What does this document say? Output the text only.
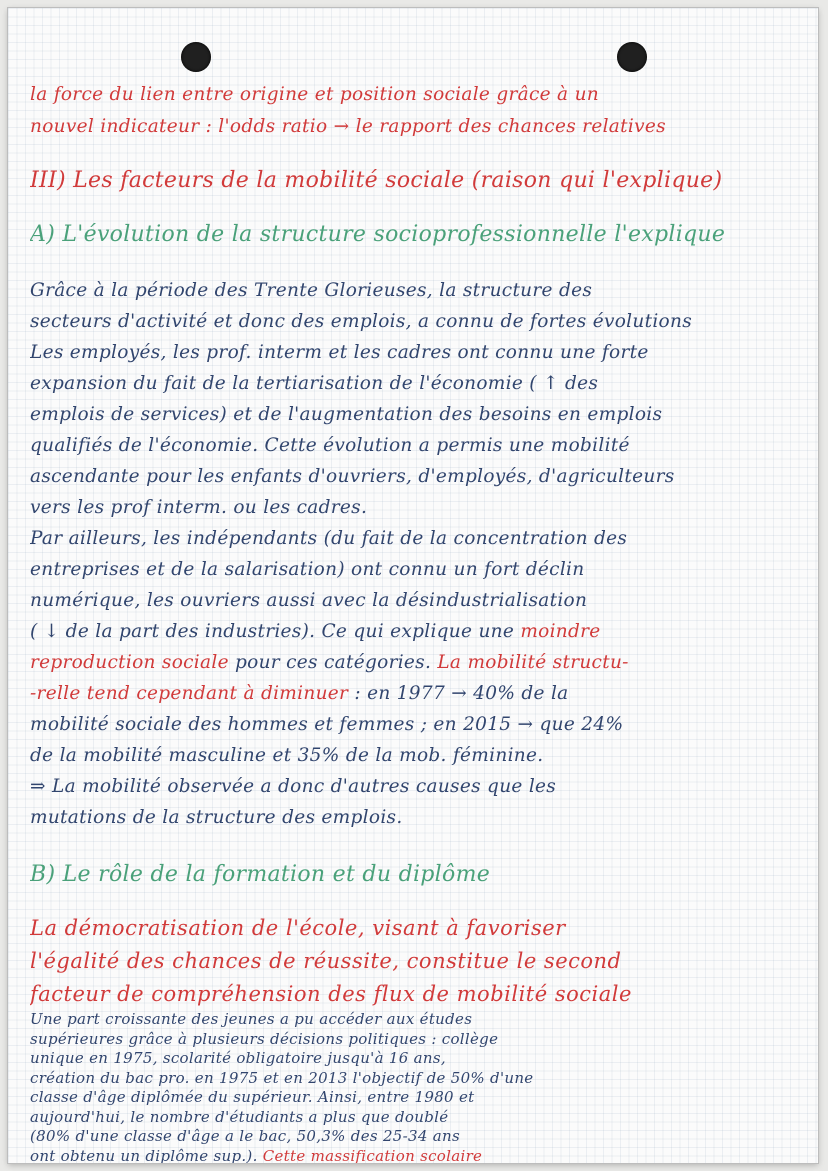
la force du lien entre origine et position sociale grâce à un
nouvel indicateur : l'odds ratio → le rapport des chances relatives
III) Les facteurs de la mobilité sociale (raison qui l'explique)
A) L'évolution de la structure socioprofessionnelle l'explique
Grâce à la période des Trente Glorieuses, la structure des
secteurs d'activité et donc des emplois, a connu de fortes évolutions
Les employés, les prof. interm et les cadres ont connu une forte
expansion du fait de la tertiarisation de l'économie ( ↑ des
emplois de services) et de l'augmentation des besoins en emplois
qualifiés de l'économie. Cette évolution a permis une mobilité
ascendante pour les enfants d'ouvriers, d'employés, d'agriculteurs
vers les prof interm. ou les cadres.
Par ailleurs, les indépendants (du fait de la concentration des
entreprises et de la salarisation) ont connu un fort déclin
numérique, les ouvriers aussi avec la désindustrialisation
( ↓ de la part des industries). Ce qui explique une moindre
reproduction sociale pour ces catégories. La mobilité structu-
-relle tend cependant à diminuer : en 1977 → 40% de la
mobilité sociale des hommes et femmes ; en 2015 → que 24%
de la mobilité masculine et 35% de la mob. féminine.
⇒ La mobilité observée a donc d'autres causes que les
mutations de la structure des emplois.
B) Le rôle de la formation et du diplôme
La démocratisation de l'école, visant à favoriser
l'égalité des chances de réussite, constitue le second
facteur de compréhension des flux de mobilité sociale
Une part croissante des jeunes a pu accéder aux études
supérieures grâce à plusieurs décisions politiques : collège
unique en 1975, scolarité obligatoire jusqu'à 16 ans,
création du bac pro. en 1975 et en 2013 l'objectif de 50% d'une
classe d'âge diplômée du supérieur. Ainsi, entre 1980 et
aujourd'hui, le nombre d'étudiants a plus que doublé
(80% d'une classe d'âge a le bac, 50,3% des 25-34 ans
ont obtenu un diplôme sup.). Cette massification scolaire
